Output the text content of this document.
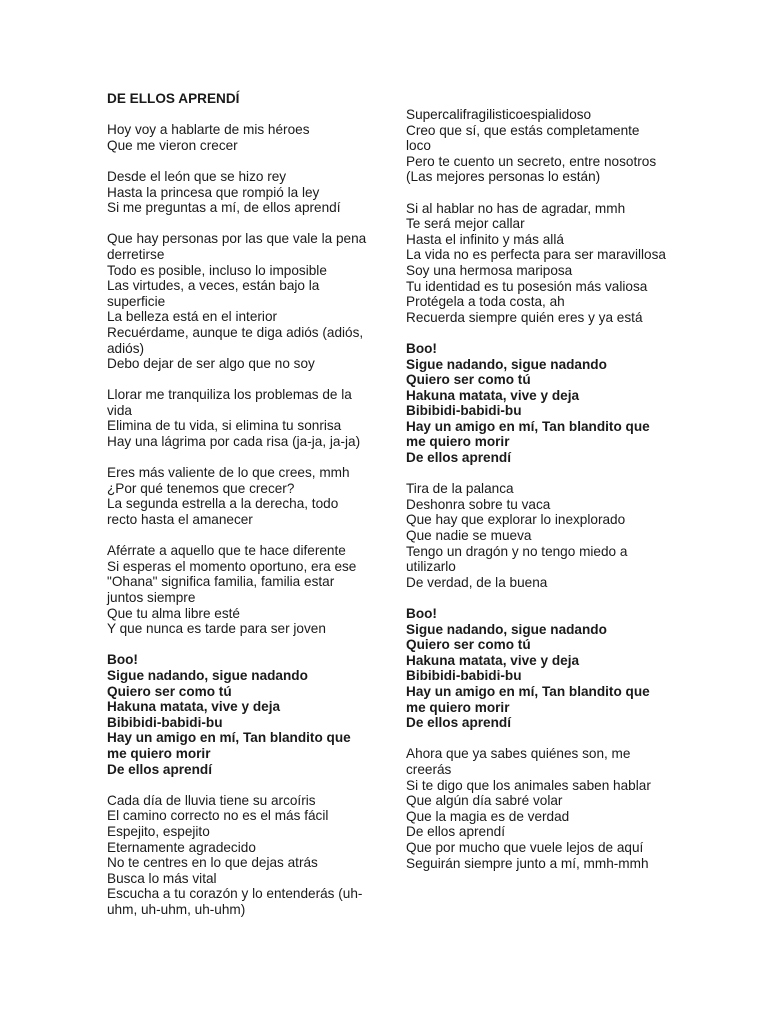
DE ELLOS APRENDÍ
Hoy voy a hablarte de mis héroes
Que me vieron crecer
Desde el león que se hizo rey
Hasta la princesa que rompió la ley
Si me preguntas a mí, de ellos aprendí
Que hay personas por las que vale la pena derretirse
Todo es posible, incluso lo imposible
Las virtudes, a veces, están bajo la superficie
La belleza está en el interior
Recuérdame, aunque te diga adiós (adiós, adiós)
Debo dejar de ser algo que no soy
Llorar me tranquiliza los problemas de la vida
Elimina de tu vida, si elimina tu sonrisa
Hay una lágrima por cada risa (ja-ja, ja-ja)
Eres más valiente de lo que crees, mmh
¿Por qué tenemos que crecer?
La segunda estrella a la derecha, todo recto hasta el amanecer
Aférrate a aquello que te hace diferente
Si esperas el momento oportuno, era ese "Ohana" significa familia, familia estar juntos siempre
Que tu alma libre esté
Y que nunca es tarde para ser joven
Boo!
Sigue nadando, sigue nadando
Quiero ser como tú
Hakuna matata, vive y deja
Bibibidi-babidi-bu
Hay un amigo en mí, Tan blandito que me quiero morir
De ellos aprendí
Cada día de lluvia tiene su arcoíris
El camino correcto no es el más fácil
Espejito, espejito
Eternamente agradecido
No te centres en lo que dejas atrás
Busca lo más vital
Escucha a tu corazón y lo entenderás (uh-uhm, uh-uhm, uh-uhm)
Supercalifragilisticoespialidoso
Creo que sí, que estás completamente loco
Pero te cuento un secreto, entre nosotros
(Las mejores personas lo están)
Si al hablar no has de agradar, mmh
Te será mejor callar
Hasta el infinito y más allá
La vida no es perfecta para ser maravillosa
Soy una hermosa mariposa
Tu identidad es tu posesión más valiosa
Protégela a toda costa, ah
Recuerda siempre quién eres y ya está
Boo!
Sigue nadando, sigue nadando
Quiero ser como tú
Hakuna matata, vive y deja
Bibibidi-babidi-bu
Hay un amigo en mí, Tan blandito que me quiero morir
De ellos aprendí
Tira de la palanca
Deshonra sobre tu vaca
Que hay que explorar lo inexplorado
Que nadie se mueva
Tengo un dragón y no tengo miedo a utilizarlo
De verdad, de la buena
Boo!
Sigue nadando, sigue nadando
Quiero ser como tú
Hakuna matata, vive y deja
Bibibidi-babidi-bu
Hay un amigo en mí, Tan blandito que me quiero morir
De ellos aprendí
Ahora que ya sabes quiénes son, me creerás
Si te digo que los animales saben hablar
Que algún día sabré volar
Que la magia es de verdad
De ellos aprendí
Que por mucho que vuele lejos de aquí
Seguirán siempre junto a mí, mmh-mmh
